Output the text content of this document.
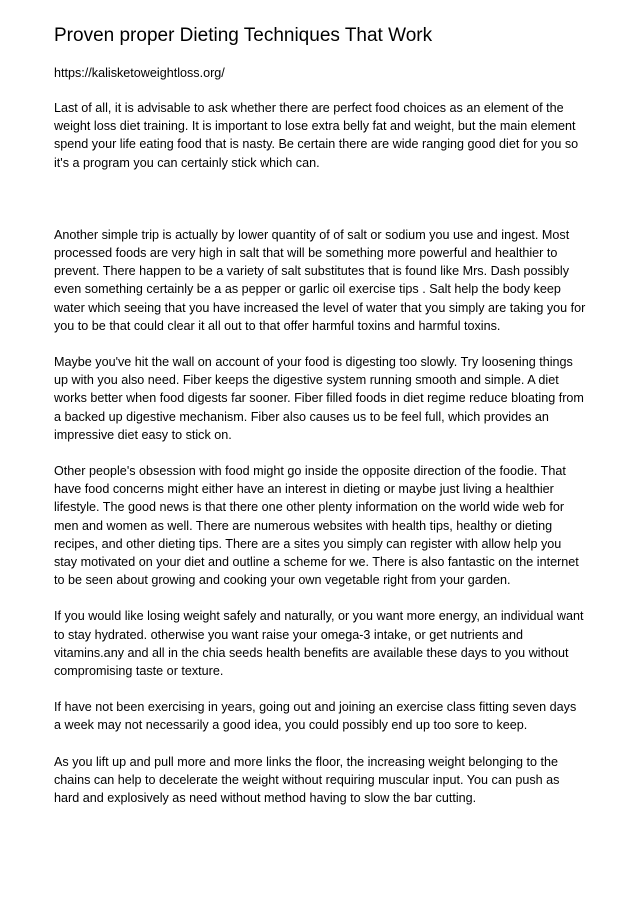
Proven proper Dieting Techniques That Work
https://kalisketoweightloss.org/

Last of all, it is advisable to ask whether there are perfect food choices as an element of the weight loss diet training. It is important to lose extra belly fat and weight, but the main element spend your life eating food that is nasty. Be certain there are wide ranging good diet for you so it's a program you can certainly stick which can.

Another simple trip is actually by lower quantity of of salt or sodium you use and ingest. Most processed foods are very high in salt that will be something more powerful and healthier to prevent. There happen to be a variety of salt substitutes that is found like Mrs. Dash possibly even something certainly be a as pepper or garlic oil exercise tips . Salt help the body keep water which seeing that you have increased the level of water that you simply are taking you for you to be that could clear it all out to that offer harmful toxins and harmful toxins.

Maybe you've hit the wall on account of your food is digesting too slowly. Try loosening things up with you also need. Fiber keeps the digestive system running smooth and simple. A diet works better when food digests far sooner. Fiber filled foods in diet regime reduce bloating from a backed up digestive mechanism. Fiber also causes us to be feel full, which provides an impressive diet easy to stick on.

Other people's obsession with food might go inside the opposite direction of the foodie. That have food concerns might either have an interest in dieting or maybe just living a healthier lifestyle. The good news is that there one other plenty information on the world wide web for men and women as well. There are numerous websites with health tips, healthy or dieting recipes, and other dieting tips. There are a sites you simply can register with allow help you stay motivated on your diet and outline a scheme for we. There is also fantastic on the internet to be seen about growing and cooking your own vegetable right from your garden.

If you would like losing weight safely and naturally, or you want more energy, an individual want to stay hydrated. otherwise you want raise your omega-3 intake, or get nutrients and vitamins.any and all in the chia seeds health benefits are available these days to you without compromising taste or texture.

If have not been exercising in years, going out and joining an exercise class fitting seven days a week may not necessarily a good idea, you could possibly end up too sore to keep.

As you lift up and pull more and more links the floor, the increasing weight belonging to the chains can help to decelerate the weight without requiring muscular input. You can push as hard and explosively as need without method having to slow the bar cutting.
